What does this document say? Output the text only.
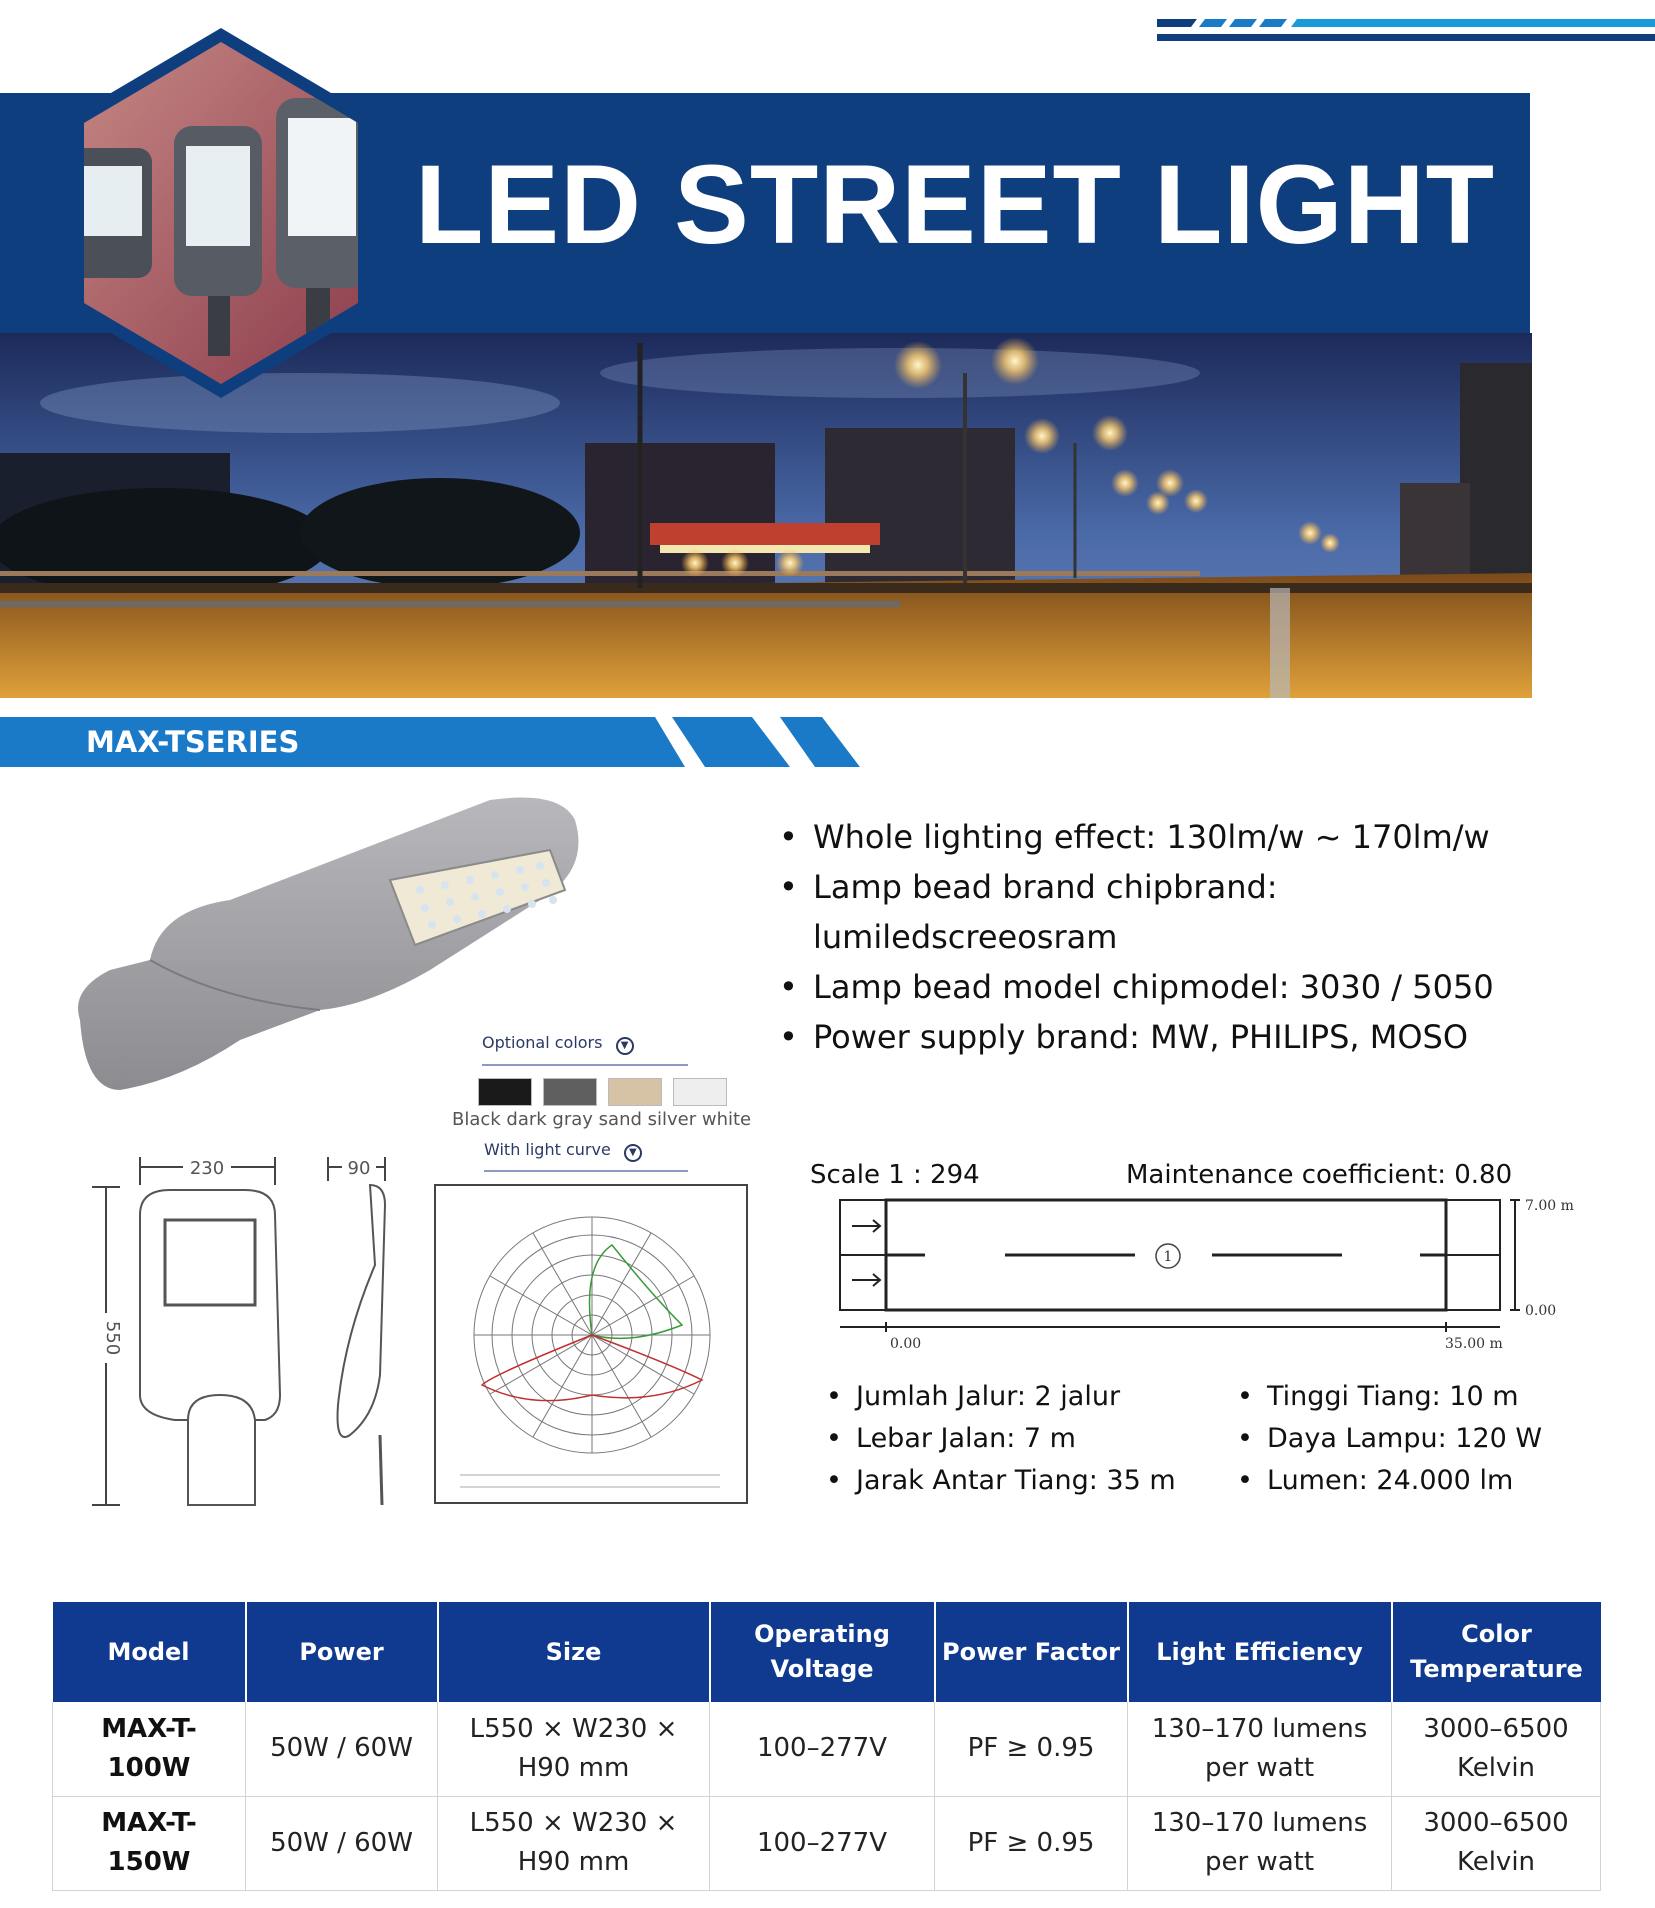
LED STREET LIGHT
MAX-TSERIES
Optional colors ▼
Black dark gray sand silver white
With light curve ▼
230	90
550
• Whole lighting effect: 130lm/w ~ 170lm/w
• Lamp bead brand chipbrand:
lumiledscreeosram
• Lamp bead model chipmodel: 3030 / 5050
• Power supply brand: MW, PHILIPS, MOSO
Scale 1 : 294	Maintenance coefficient: 0.80
1
7.00 m
0.00
0.00	35.00 m
• Jumlah Jalur: 2 jalur
• Lebar Jalan: 7 m
• Jarak Antar Tiang: 35 m
• Tinggi Tiang: 10 m
• Daya Lampu: 120 W
• Lumen: 24.000 lm
Model	Power	Size	Operating Voltage	Power Factor	Light Efficiency	Color Temperature
MAX-T-100W	50W / 60W	L550 × W230 × H90 mm	100–277V	PF ≥ 0.95	130–170 lumens per watt	3000–6500 Kelvin
MAX-T-150W	50W / 60W	L550 × W230 × H90 mm	100–277V	PF ≥ 0.95	130–170 lumens per watt	3000–6500 Kelvin
